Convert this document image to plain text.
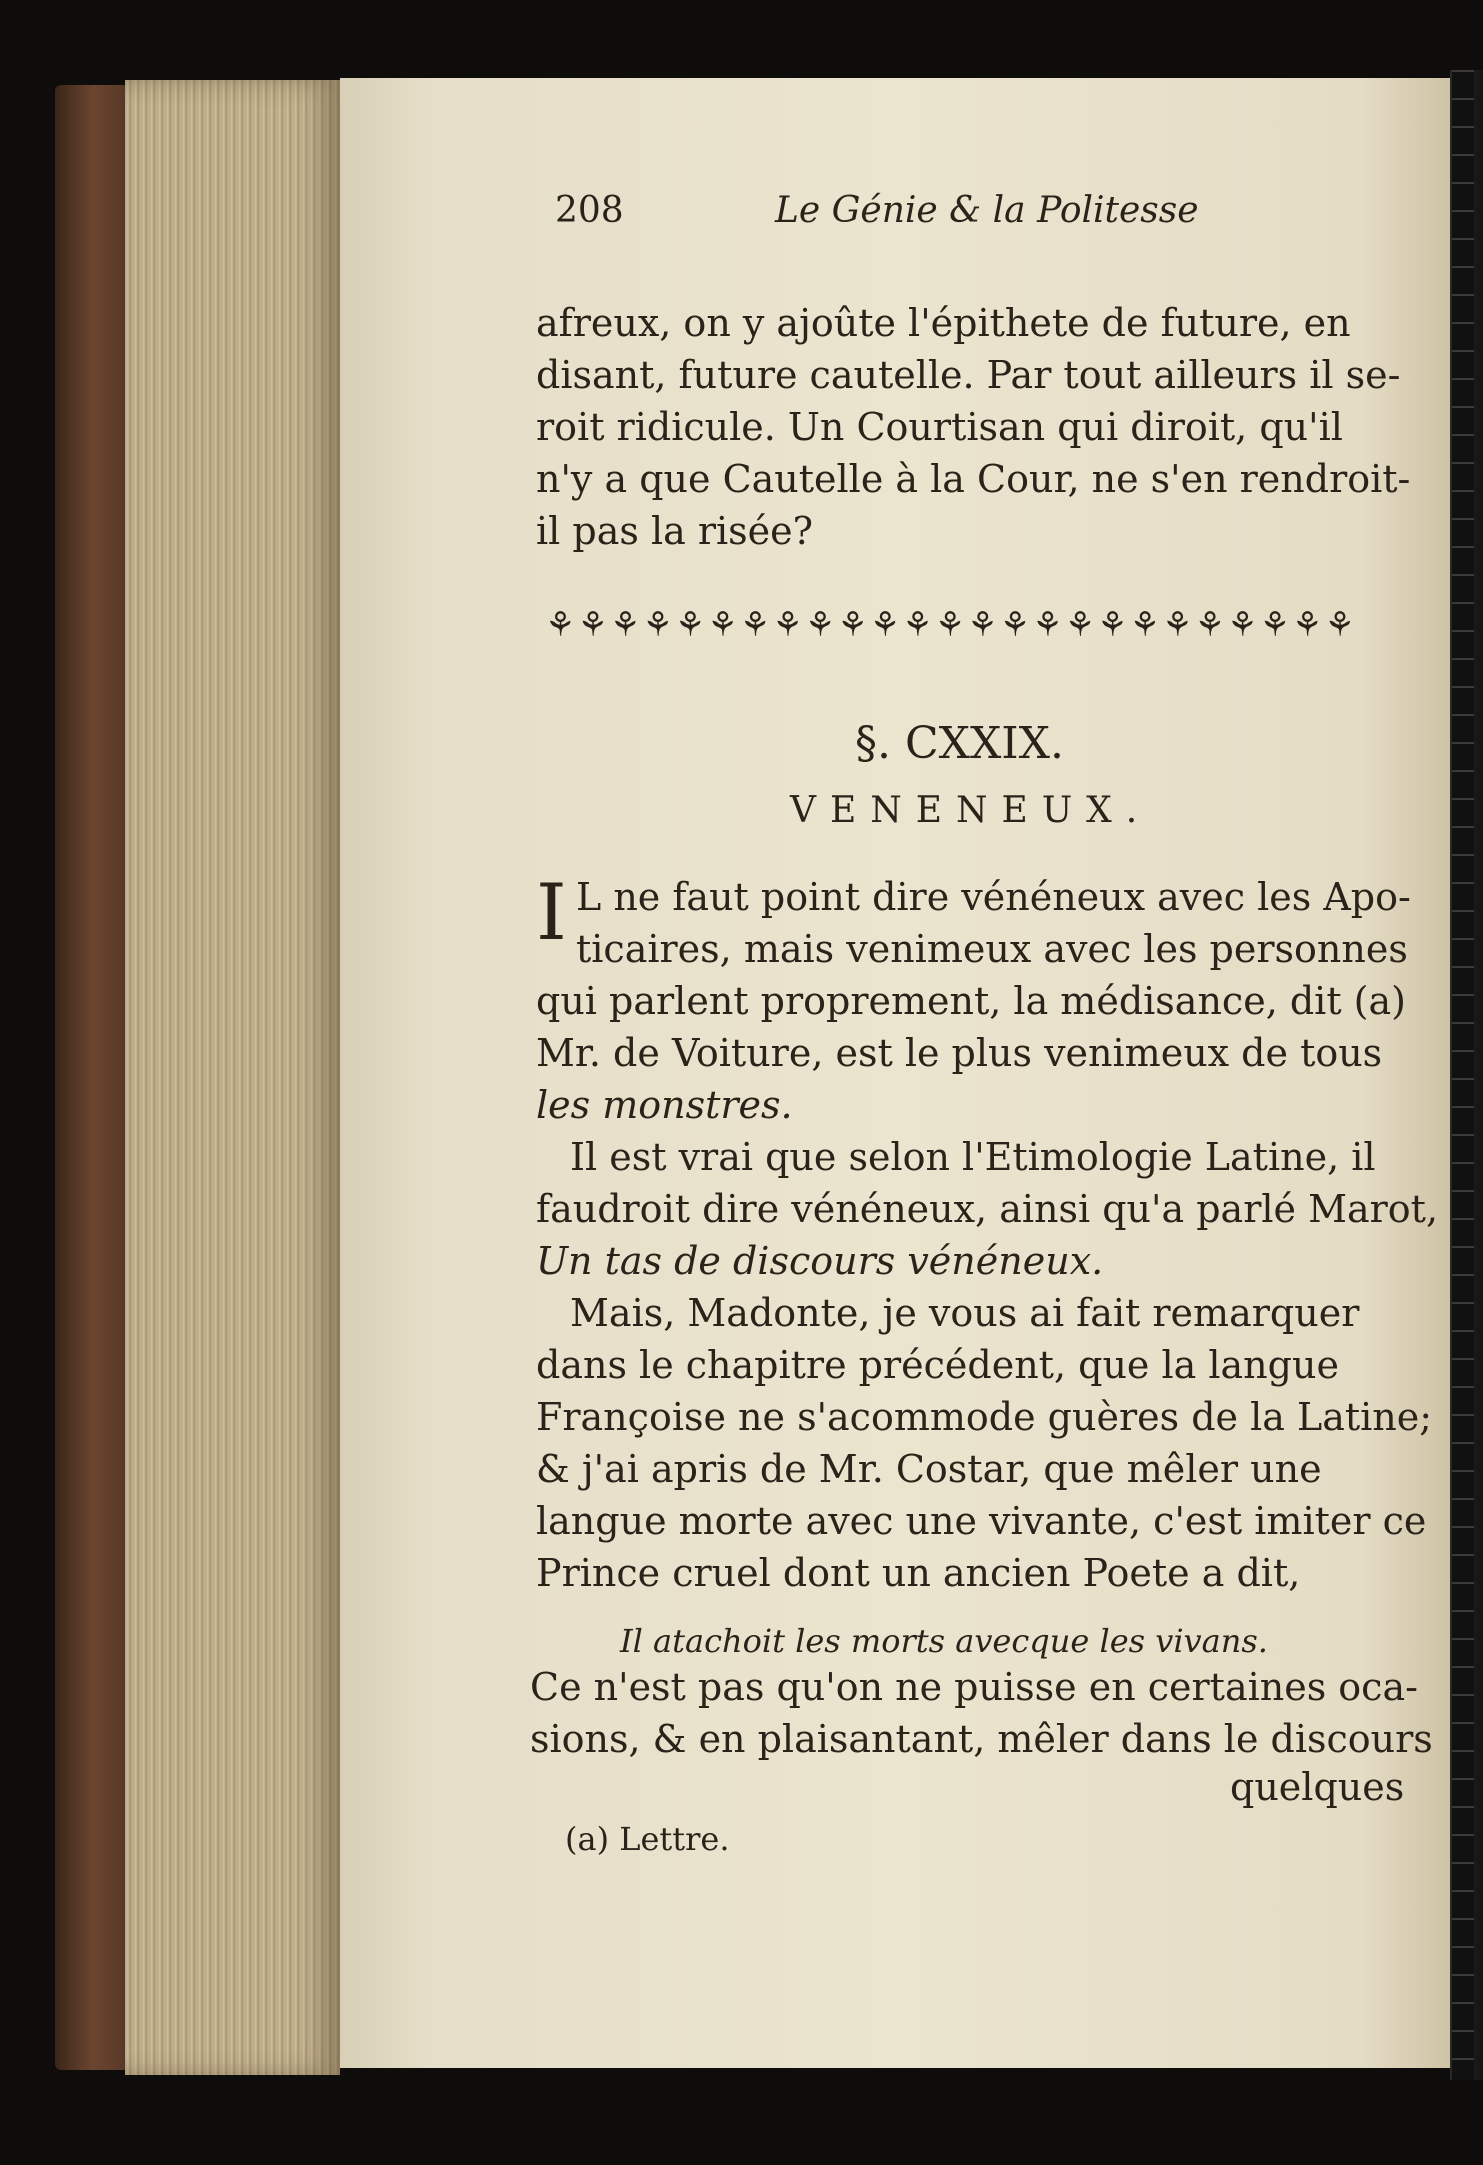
208	Le Génie & la Politesse
afreux, on y ajoûte l'épithete de future, en
disant, future cautelle. Par tout ailleurs il se-
roit ridicule. Un Courtisan qui diroit, qu'il
n'y a que Cautelle à la Cour, ne s'en rendroit-
il pas la risée?
⚘⚘⚘⚘⚘⚘⚘⚘⚘⚘⚘⚘⚘⚘⚘⚘⚘⚘⚘⚘⚘⚘⚘⚘⚘
§. CXXIX.
VENENEUX.
I L ne faut point dire vénéneux avec les Apo-
ticaires, mais venimeux avec les personnes
qui parlent proprement, la médisance, dit (a)
Mr. de Voiture, est le plus venimeux de tous
les monstres.
Il est vrai que selon l'Etimologie Latine, il
faudroit dire vénéneux, ainsi qu'a parlé Marot,
Un tas de discours vénéneux.
Mais, Madonte, je vous ai fait remarquer
dans le chapitre précédent, que la langue
Françoise ne s'acommode guères de la Latine;
& j'ai apris de Mr. Costar, que mêler une
langue morte avec une vivante, c'est imiter ce
Prince cruel dont un ancien Poete a dit,
Il atachoit les morts avecque les vivans.
Ce n'est pas qu'on ne puisse en certaines oca-
sions, & en plaisantant, mêler dans le discours
quelques
(a) Lettre.
